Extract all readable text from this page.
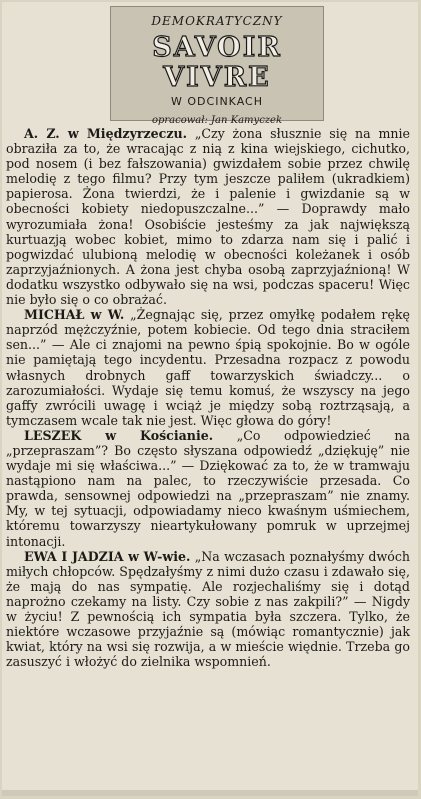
DEMOKRATYCZNY
SAVOIR VIVRE
W ODCINKACH
opracował: Jan Kamyczek

A. Z. w Międzyrzeczu. „Czy żona słusznie się na mnie obraziła za to, że wracając z nią z kina wiejskiego, cichutko, pod nosem (i bez fałszowania) gwizdałem sobie przez chwilę melodię z tego filmu? Przy tym jeszcze paliłem (ukradkiem) papierosa. Żona twierdzi, że i palenie i gwizdanie są w obecności kobiety niedopuszczalne...” — Doprawdy mało wyrozumiała żona! Osobiście jesteśmy za jak największą kurtuazją wobec kobiet, mimo to zdarza nam się i palić i pogwizdać ulubioną melodię w obecności koleżanek i osób zaprzyjaźnionych. A żona jest chyba osobą zaprzyjaźnioną! W dodatku wszystko odbywało się na wsi, podczas spaceru! Więc nie było się o co obrażać.

MICHAŁ w W. „Żegnając się, przez omyłkę podałem rękę naprzód mężczyźnie, potem kobiecie. Od tego dnia straciłem sen...” — Ale ci znajomi na pewno śpią spokojnie. Bo w ogóle nie pamiętają tego incydentu. Przesadna rozpacz z powodu własnych drobnych gaff towarzyskich świadczy... o zarozumiałości. Wydaje się temu komuś, że wszyscy na jego gaffy zwrócili uwagę i wciąż je między sobą roztrząsają, a tymczasem wcale tak nie jest. Więc głowa do góry!

LESZEK w Kościanie. „Co odpowiedzieć na „przepraszam”? Bo często słyszana odpowiedź „dziękuję” nie wydaje mi się właściwa...” — Dziękować za to, że w tramwaju nastąpiono nam na palec, to rzeczywiście przesada. Co prawda, sensownej odpowiedzi na „przepraszam” nie znamy. My, w tej sytuacji, odpowiadamy nieco kwaśnym uśmiechem, któremu towarzyszy nieartykułowany pomruk w uprzejmej intonacji.

EWA I JADZIA w W-wie. „Na wczasach poznałyśmy dwóch miłych chłopców. Spędzałyśmy z nimi dużo czasu i zdawało się, że mają do nas sympatię. Ale rozjechaliśmy się i dotąd naprożno czekamy na listy. Czy sobie z nas zakpili?” — Nigdy w życiu! Z pewnością ich sympatia była szczera. Tylko, że niektóre wczasowe przyjaźnie są (mówiąc romantycznie) jak kwiat, który na wsi się rozwija, a w mieście więdnie. Trzeba go zasuszyć i włożyć do zielnika wspomnień.
